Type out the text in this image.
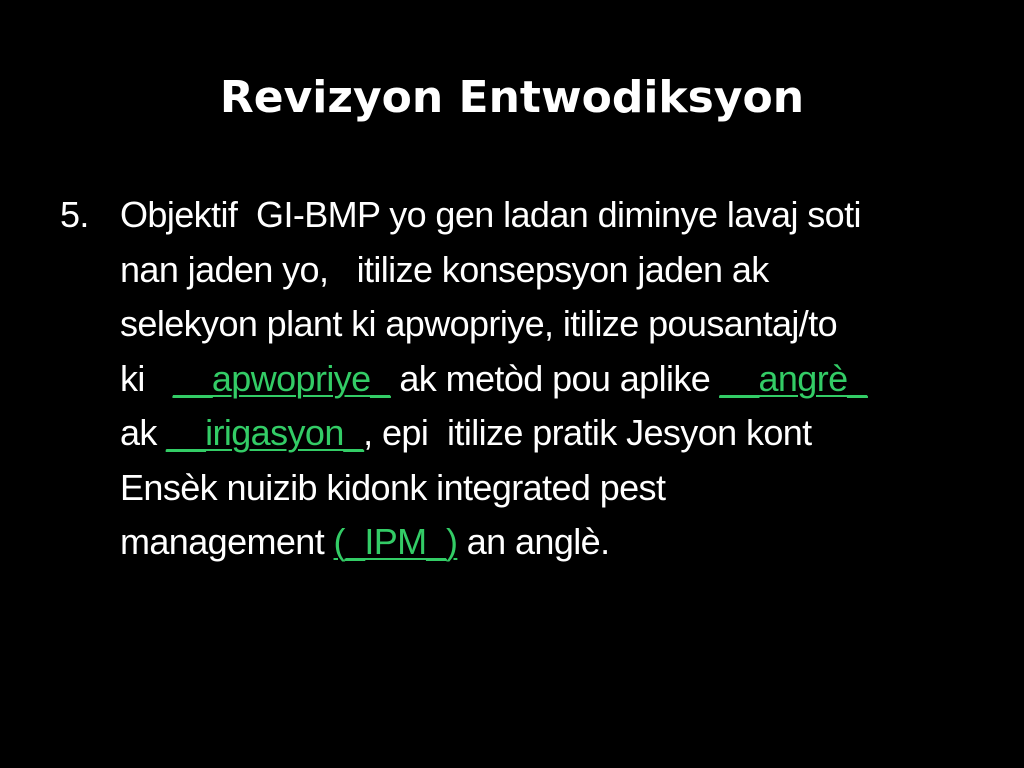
Revizyon Entwodiksyon
5. Objektif  GI-BMP yo gen ladan diminye lavaj soti
nan jaden yo,   itilize konsepsyon jaden ak
selekyon plant ki apwopriye, itilize pousantaj/to
ki   __apwopriye_ ak metòd pou aplike __angrè_
ak __irigasyon_, epi  itilize pratik Jesyon kont
Ensèk nuizib kidonk integrated pest
management (_IPM_) an anglè.
